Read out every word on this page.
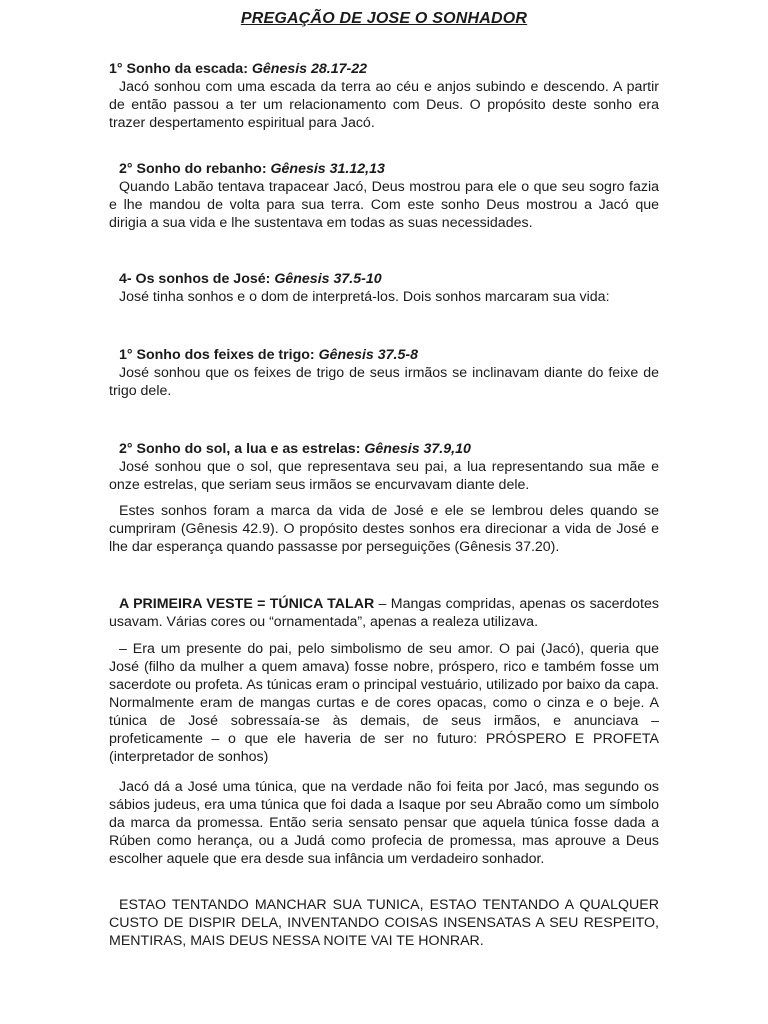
PREGAÇÃO DE JOSE O SONHADOR
1° Sonho da escada: Gênesis 28.17-22

Jacó sonhou com uma escada da terra ao céu e anjos subindo e descendo. A partir de então passou a ter um relacionamento com Deus. O propósito deste sonho era trazer despertamento espiritual para Jacó.

2° Sonho do rebanho: Gênesis 31.12,13

Quando Labão tentava trapacear Jacó, Deus mostrou para ele o que seu sogro fazia e lhe mandou de volta para sua terra. Com este sonho Deus mostrou a Jacó que dirigia a sua vida e lhe sustentava em todas as suas necessidades.

4- Os sonhos de José: Gênesis 37.5-10

José tinha sonhos e o dom de interpretá-los. Dois sonhos marcaram sua vida:

1° Sonho dos feixes de trigo: Gênesis 37.5-8

José sonhou que os feixes de trigo de seus irmãos se inclinavam diante do feixe de trigo dele.

2° Sonho do sol, a lua e as estrelas: Gênesis 37.9,10

José sonhou que o sol, que representava seu pai, a lua representando sua mãe e onze estrelas, que seriam seus irmãos se encurvavam diante dele.

Estes sonhos foram a marca da vida de José e ele se lembrou deles quando se cumpriram (Gênesis 42.9). O propósito destes sonhos era direcionar a vida de José e lhe dar esperança quando passasse por perseguições (Gênesis 37.20).

A PRIMEIRA VESTE = TÚNICA TALAR – Mangas compridas, apenas os sacerdotes usavam. Várias cores ou “ornamentada”, apenas a realeza utilizava.

– Era um presente do pai, pelo simbolismo de seu amor. O pai (Jacó), queria que José (filho da mulher a quem amava) fosse nobre, próspero, rico e também fosse um sacerdote ou profeta. As túnicas eram o principal vestuário, utilizado por baixo da capa. Normalmente eram de mangas curtas e de cores opacas, como o cinza e o beje. A túnica de José sobressaía-se às demais, de seus irmãos, e anunciava – profeticamente – o que ele haveria de ser no futuro: PRÓSPERO E PROFETA (interpretador de sonhos)

Jacó dá a José uma túnica, que na verdade não foi feita por Jacó, mas segundo os sábios judeus, era uma túnica que foi dada a Isaque por seu Abraão como um símbolo da marca da promessa. Então seria sensato pensar que aquela túnica fosse dada a Rúben como herança, ou a Judá como profecia de promessa, mas aprouve a Deus escolher aquele que era desde sua infância um verdadeiro sonhador.

ESTAO TENTANDO MANCHAR SUA TUNICA, ESTAO TENTANDO A QUALQUER CUSTO DE DISPIR DELA, INVENTANDO COISAS INSENSATAS A SEU RESPEITO, MENTIRAS, MAIS DEUS NESSA NOITE VAI TE HONRAR.
